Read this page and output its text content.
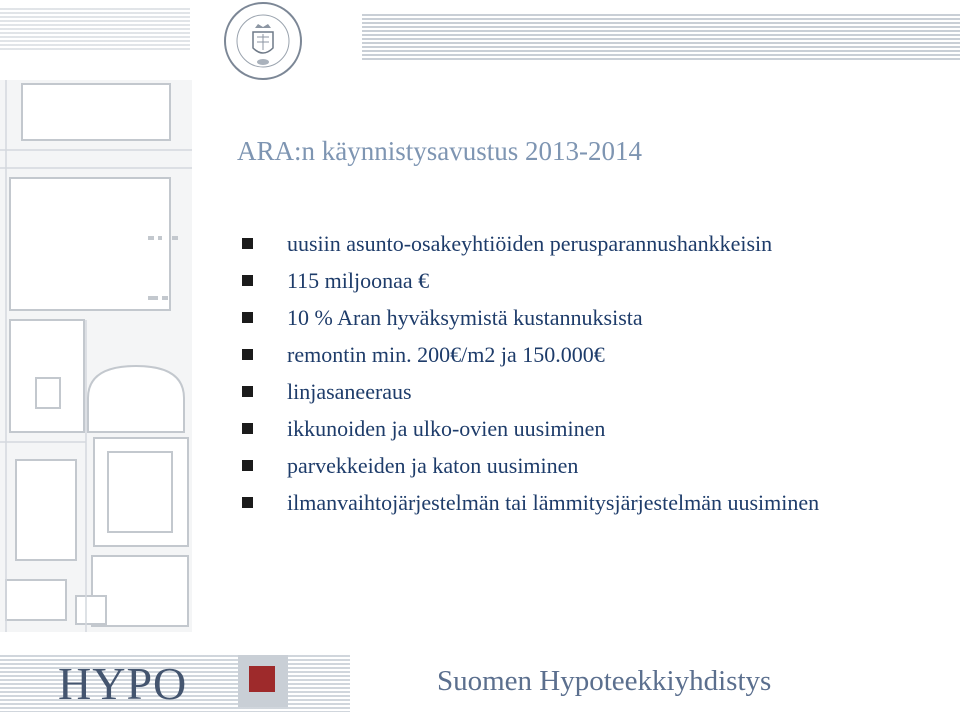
ARA:n käynnistysavustus 2013-2014
uusiin asunto-osakeyhtiöiden perusparannushankkeisin
115 miljoonaa €
10 % Aran hyväksymistä kustannuksista
remontin min. 200€/m2 ja 150.000€
linjasaneeraus
ikkunoiden ja ulko-ovien uusiminen
parvekkeiden ja katon uusiminen
ilmanvaihtojärjestelmän tai lämmitysjärjestelmän uusiminen
HYPO	Suomen Hypoteekkiyhdistys
